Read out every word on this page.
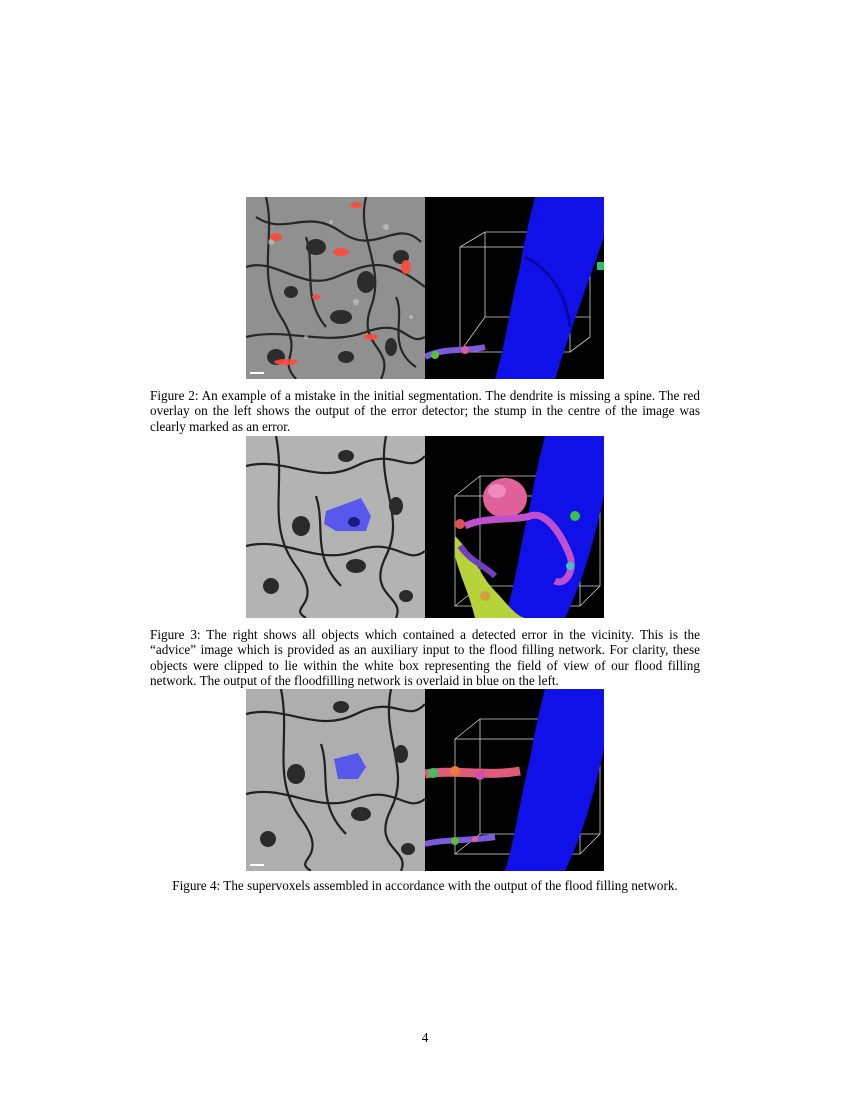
Figure 2: An example of a mistake in the initial segmentation. The dendrite is missing a spine. The red overlay on the left shows the output of the error detector; the stump in the centre of the image was clearly marked as an error.
Figure 3: The right shows all objects which contained a detected error in the vicinity. This is the “advice” image which is provided as an auxiliary input to the flood filling network. For clarity, these objects were clipped to lie within the white box representing the field of view of our flood filling network. The output of the floodfilling network is overlaid in blue on the left.
Figure 4: The supervoxels assembled in accordance with the output of the flood filling network.
4
